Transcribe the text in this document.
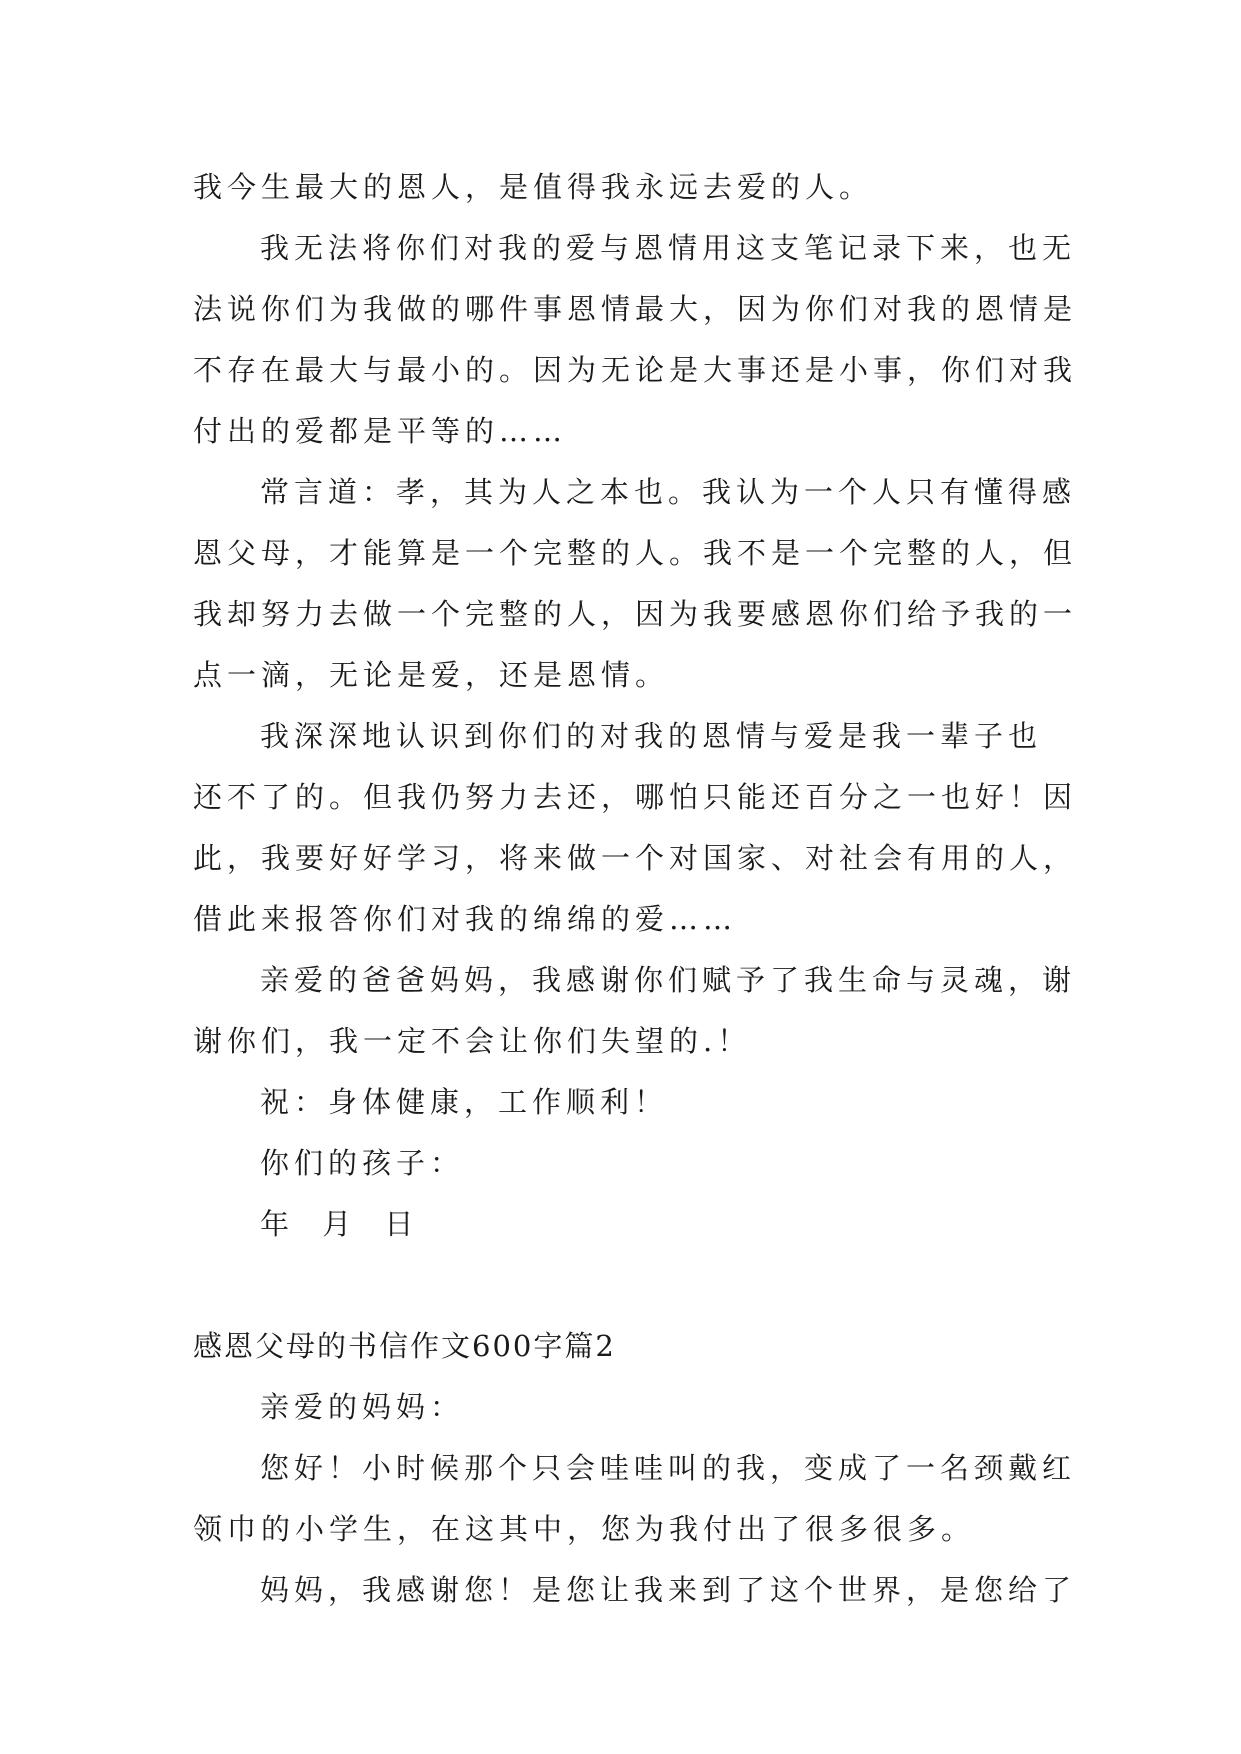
我今生最大的恩人，是值得我永远去爱的人。
我无法将你们对我的爱与恩情用这支笔记录下来，也无
法说你们为我做的哪件事恩情最大，因为你们对我的恩情是
不存在最大与最小的。因为无论是大事还是小事，你们对我
付出的爱都是平等的……
常言道：孝，其为人之本也。我认为一个人只有懂得感
恩父母，才能算是一个完整的人。我不是一个完整的人，但
我却努力去做一个完整的人，因为我要感恩你们给予我的一
点一滴，无论是爱，还是恩情。
我深深地认识到你们的对我的恩情与爱是我一辈子也
还不了的。但我仍努力去还，哪怕只能还百分之一也好！因
此，我要好好学习，将来做一个对国家、对社会有用的人，
借此来报答你们对我的绵绵的爱……
亲爱的爸爸妈妈，我感谢你们赋予了我生命与灵魂，谢
谢你们，我一定不会让你们失望的.！
祝：身体健康，工作顺利！
你们的孩子：
年 月 日
感恩父母的书信作文600字篇2
亲爱的妈妈：
您好！小时候那个只会哇哇叫的我，变成了一名颈戴红
领巾的小学生，在这其中，您为我付出了很多很多。
妈妈，我感谢您！是您让我来到了这个世界，是您给了
